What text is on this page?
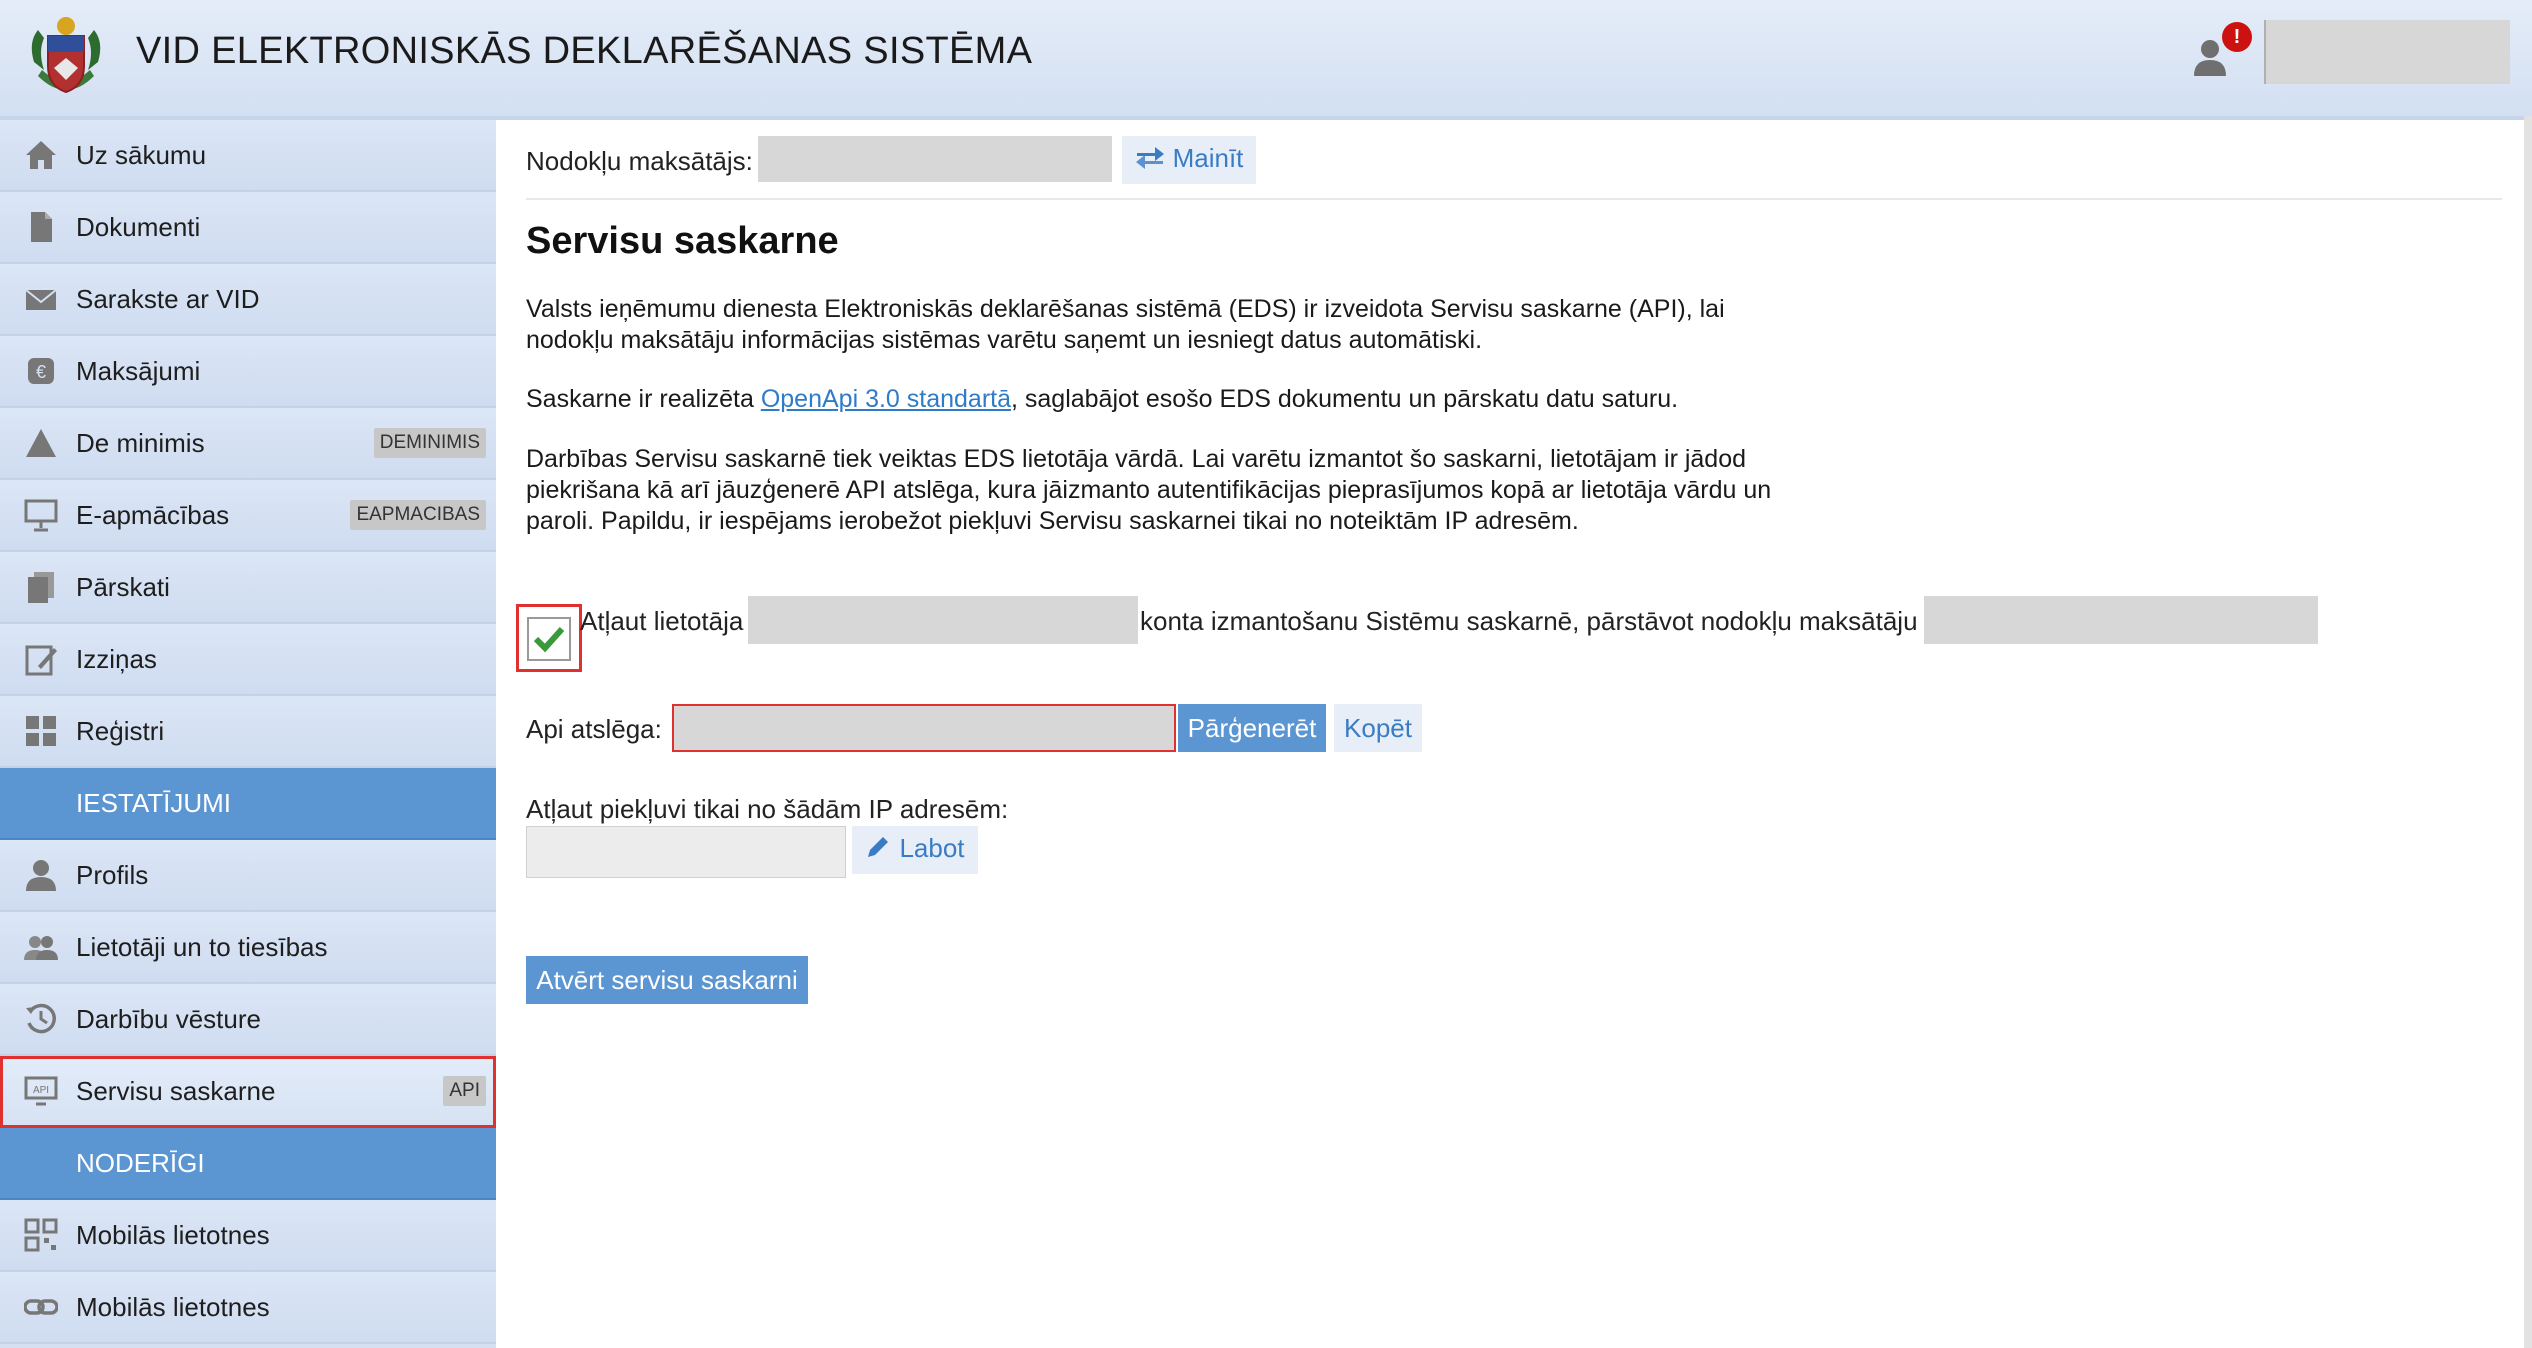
VID ELEKTRONISKĀS DEKLARĒŠANAS SISTĒMA	!
Uz sākumu
Dokumenti
Sarakste ar VID
€ Maksājumi
De minimis	DEMINIMIS
E-apmācības	EAPMACIBAS
Pārskati
Izziņas
Reģistri
IESTATĪJUMI
Profils
Lietotāji un to tiesības
Darbību vēsture
API Servisu saskarne	API
NODERĪGI
Mobilās lietotnes
Mobilās lietotnes
Nodokļu maksātājs:	Mainīt
Servisu saskarne
Valsts ieņēmumu dienesta Elektroniskās deklarēšanas sistēmā (EDS) ir izveidota Servisu saskarne (API), lai
nodokļu maksātāju informācijas sistēmas varētu saņemt un iesniegt datus automātiski.
Saskarne ir realizēta OpenApi 3.0 standartā, saglabājot esošo EDS dokumentu un pārskatu datu saturu.
Darbības Servisu saskarnē tiek veiktas EDS lietotāja vārdā. Lai varētu izmantot šo saskarni, lietotājam ir jādod
piekrišana kā arī jāuzģenerē API atslēga, kura jāizmanto autentifikācijas pieprasījumos kopā ar lietotāja vārdu un
paroli. Papildu, ir iespējams ierobežot piekļuvi Servisu saskarnei tikai no noteiktām IP adresēm.
Atļaut lietotāja	konta izmantošanu Sistēmu saskarnē, pārstāvot nodokļu maksātāju
Api atslēga:	Pārģenerēt	Kopēt
Atļaut piekļuvi tikai no šādām IP adresēm:
Labot
Atvērt servisu saskarni
